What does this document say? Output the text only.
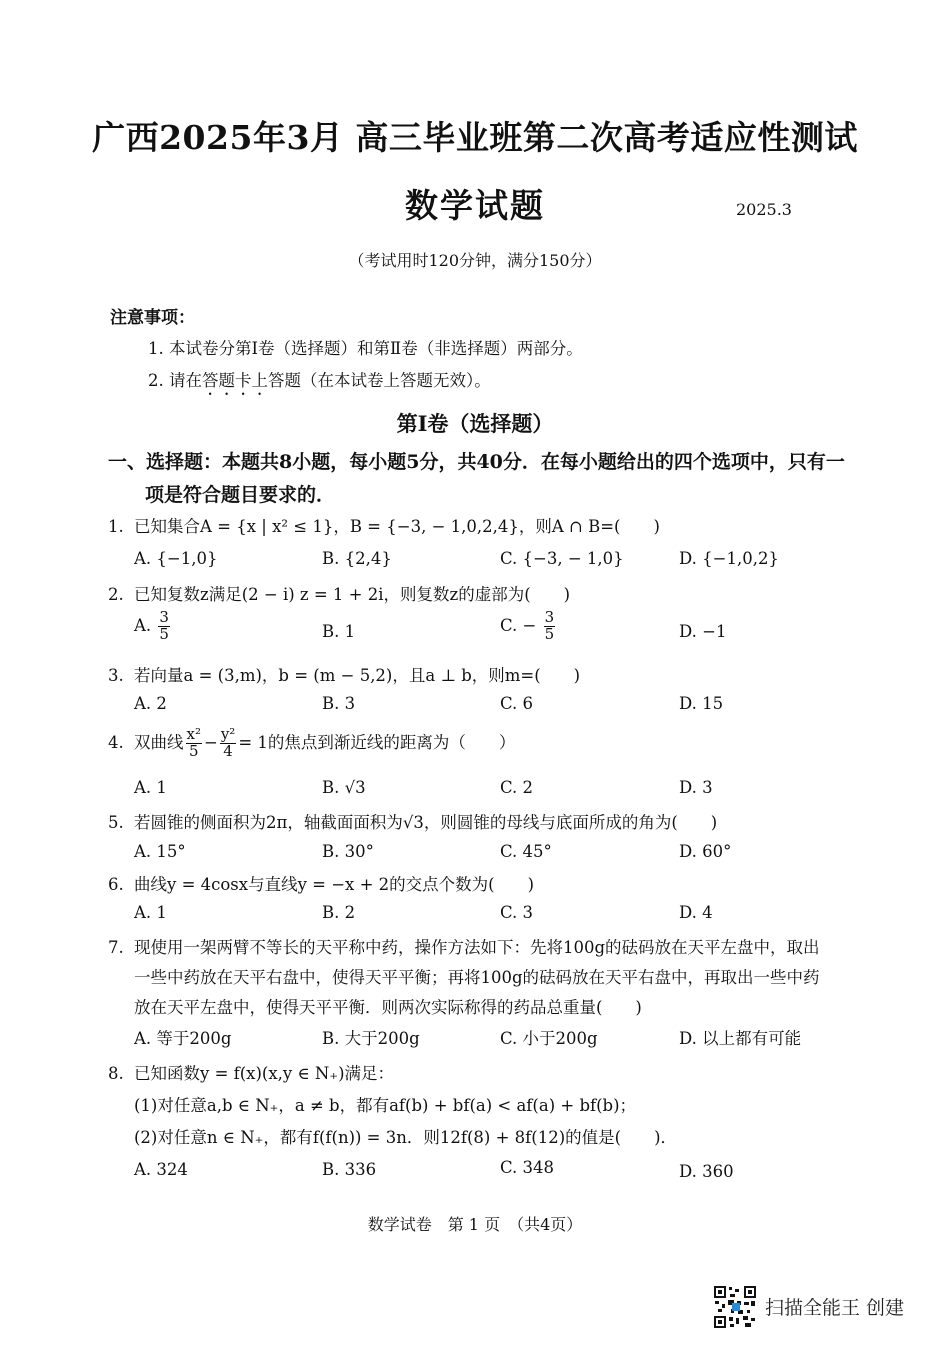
广西2025年3月 高三毕业班第二次高考适应性测试
数学试题	2025.3
（考试用时120分钟，满分150分）
注意事项：
1. 本试卷分第Ⅰ卷（选择题）和第Ⅱ卷（非选择题）两部分。
2. 请在答题卡上答题（在本试卷上答题无效）。
第Ⅰ卷（选择题）
一、选择题：本题共8小题，每小题5分，共40分．在每小题给出的四个选项中，只有一
项是符合题目要求的．
1. 已知集合A = {x | x² ≤ 1}，B = {−3, − 1,0,2,4}，则A ∩ B=(　　)
A. {−1,0}	B. {2,4}	C. {−3, − 1,0}	D. {−1,0,2}
2. 已知复数z满足(2 − i) z = 1 + 2i，则复数z的虚部为(　　)
A. $\frac{3}{5}$	B. 1	C. − $\frac{3}{5}$	D. −1
3. 若向量a = (3,m)，b = (m − 5,2)，且a ⊥ b，则m=(　　)
A. 2	B. 3	C. 6	D. 15
4. 双曲线 $\frac{\text{x²}}{5} - \frac{\text{y²}}{4} = 1$的焦点到渐近线的距离为（　　）
A. 1	B. √3	C. 2	D. 3
5. 若圆锥的侧面积为2π，轴截面面积为√3，则圆锥的母线与底面所成的角为(　　)
A. 15°	B. 30°	C. 45°	D. 60°
6. 曲线y = 4cosx与直线y = −x + 2的交点个数为(　　)
A. 1	B. 2	C. 3	D. 4
7. 现使用一架两臂不等长的天平称中药，操作方法如下：先将100g的砝码放在天平左盘中，取出
一些中药放在天平右盘中，使得天平平衡；再将100g的砝码放在天平右盘中，再取出一些中药
放在天平左盘中，使得天平平衡．则两次实际称得的药品总重量(　　)
A. 等于200g	B. 大于200g	C. 小于200g	D. 以上都有可能
8. 已知函数y = f(x)(x,y ∈ N₊)满足：
(1)对任意a,b ∈ N₊，a ≠ b，都有af(b) + bf(a) < af(a) + bf(b)；
(2)对任意n ∈ N₊，都有f(f(n)) = 3n．则12f(8) + 8f(12)的值是(　　)．
A. 324	B. 336	C. 348	D. 360
数学试卷　第 1 页　（共4页）
扫描全能王 创建
